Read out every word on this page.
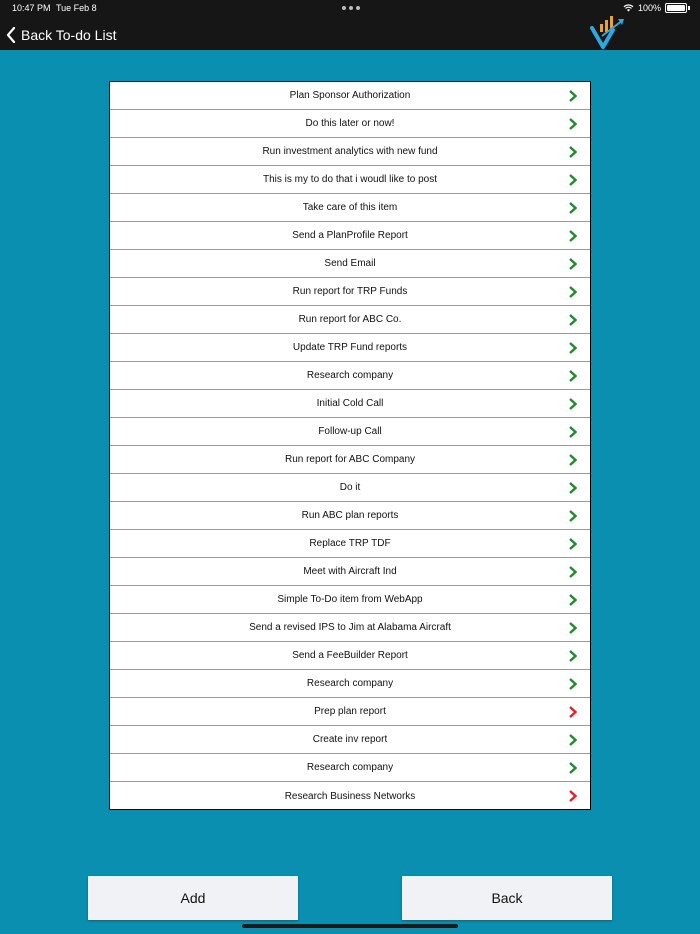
10:47 PM Tue Feb 8	100%
Back To-do List
Plan Sponsor Authorization
Do this later or now!
Run investment analytics with new fund
This is my to do that i woudl like to post
Take care of this item
Send a PlanProfile Report
Send Email
Run report for TRP Funds
Run report for ABC Co.
Update TRP Fund reports
Research company
Initial Cold Call
Follow-up Call
Run report for ABC Company
Do it
Run ABC plan reports
Replace TRP TDF
Meet with Aircraft Ind
Simple To-Do item from WebApp
Send a revised IPS to Jim at Alabama Aircraft
Send a FeeBuilder Report
Research company
Prep plan report
Create inv report
Research company
Research Business Networks
Add	Back
